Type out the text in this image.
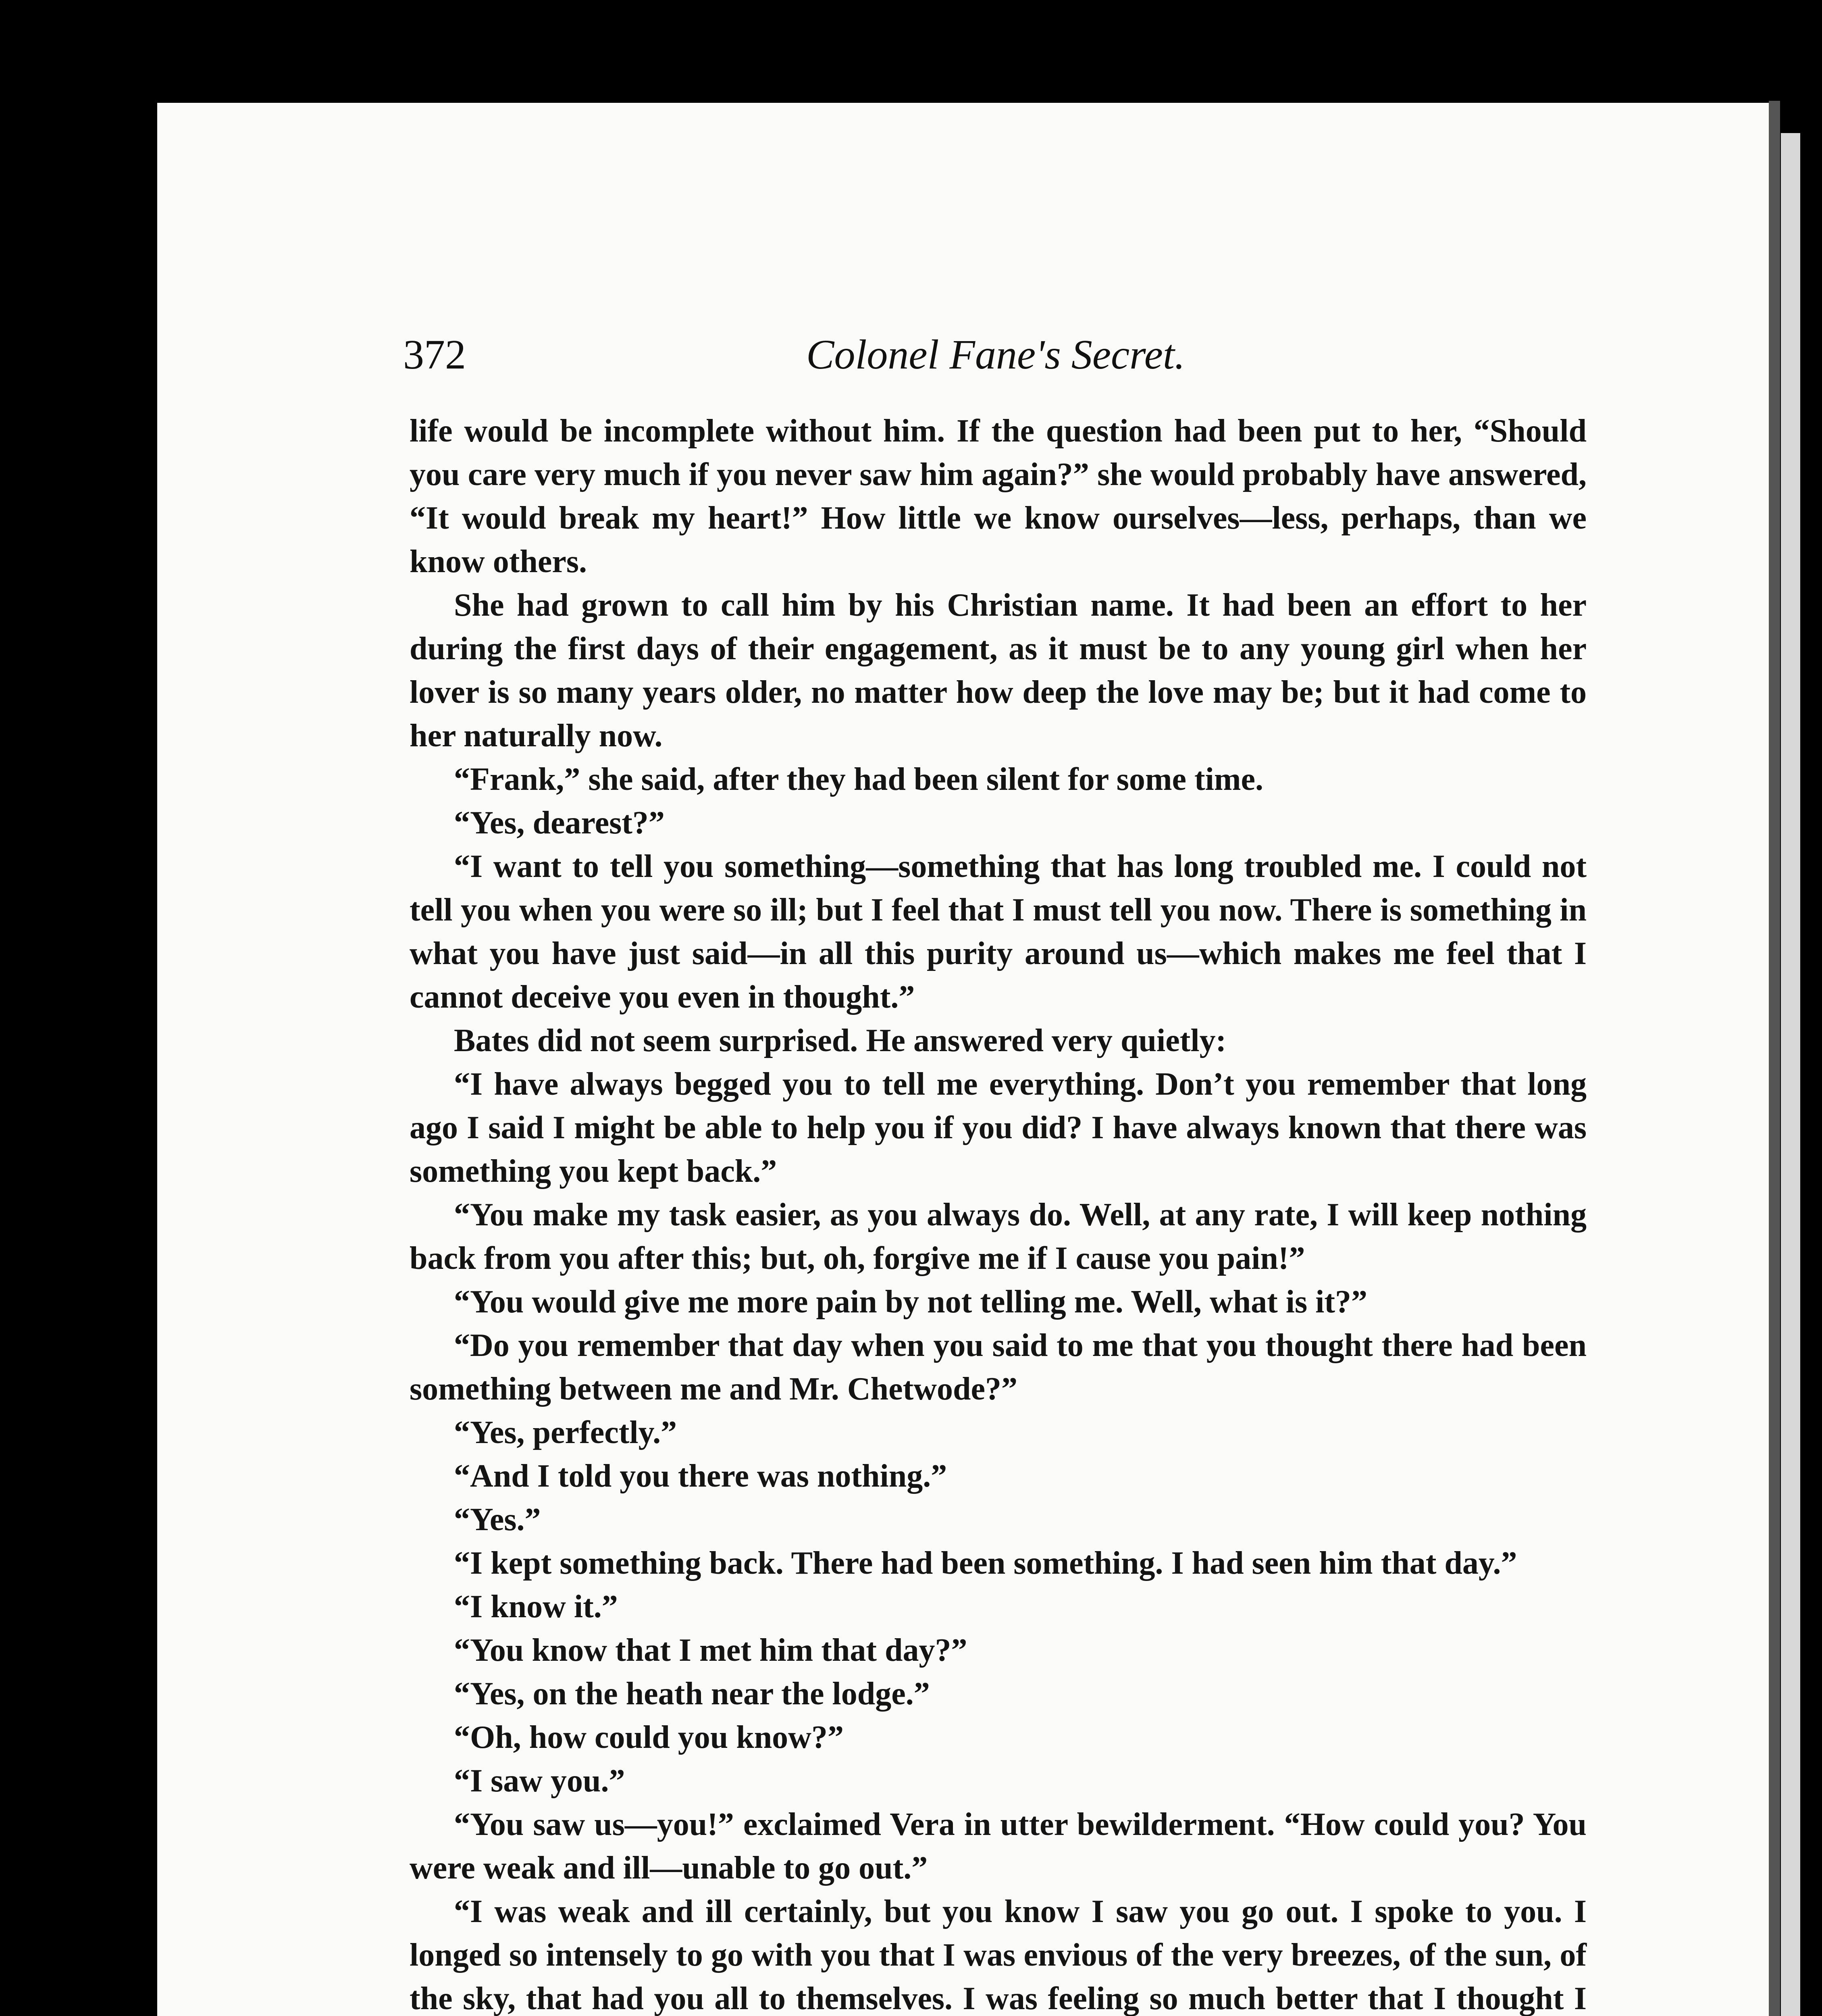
372	Colonel Fane's Secret.

life would be incomplete without him. If the question had been put to her, “Should you care very much if you never saw him again?” she would probably have answered, “It would break my heart!” How little we know ourselves—less, perhaps, than we know others.

She had grown to call him by his Christian name. It had been an effort to her during the first days of their engagement, as it must be to any young girl when her lover is so many years older, no matter how deep the love may be; but it had come to her naturally now.

“Frank,” she said, after they had been silent for some time.

“Yes, dearest?”

“I want to tell you something—something that has long troubled me. I could not tell you when you were so ill; but I feel that I must tell you now. There is something in what you have just said—in all this purity around us—which makes me feel that I cannot deceive you even in thought.”

Bates did not seem surprised. He answered very quietly:

“I have always begged you to tell me everything. Don’t you remember that long ago I said I might be able to help you if you did? I have always known that there was something you kept back.”

“You make my task easier, as you always do. Well, at any rate, I will keep nothing back from you after this; but, oh, forgive me if I cause you pain!”

“You would give me more pain by not telling me. Well, what is it?”

“Do you remember that day when you said to me that you thought there had been something between me and Mr. Chetwode?”

“Yes, perfectly.”

“And I told you there was nothing.”

“Yes.”

“I kept something back. There had been something. I had seen him that day.”

“I know it.”

“You know that I met him that day?”

“Yes, on the heath near the lodge.”

“Oh, how could you know?”

“I saw you.”

“You saw us—you!” exclaimed Vera in utter bewilderment. “How could you? You were weak and ill—unable to go out.”

“I was weak and ill certainly, but you know I saw you go out. I spoke to you. I longed so intensely to go with you that I was envious of the very breezes, of the sun, of the sky, that had you all to themselves. I was feeling so much better that I thought I
